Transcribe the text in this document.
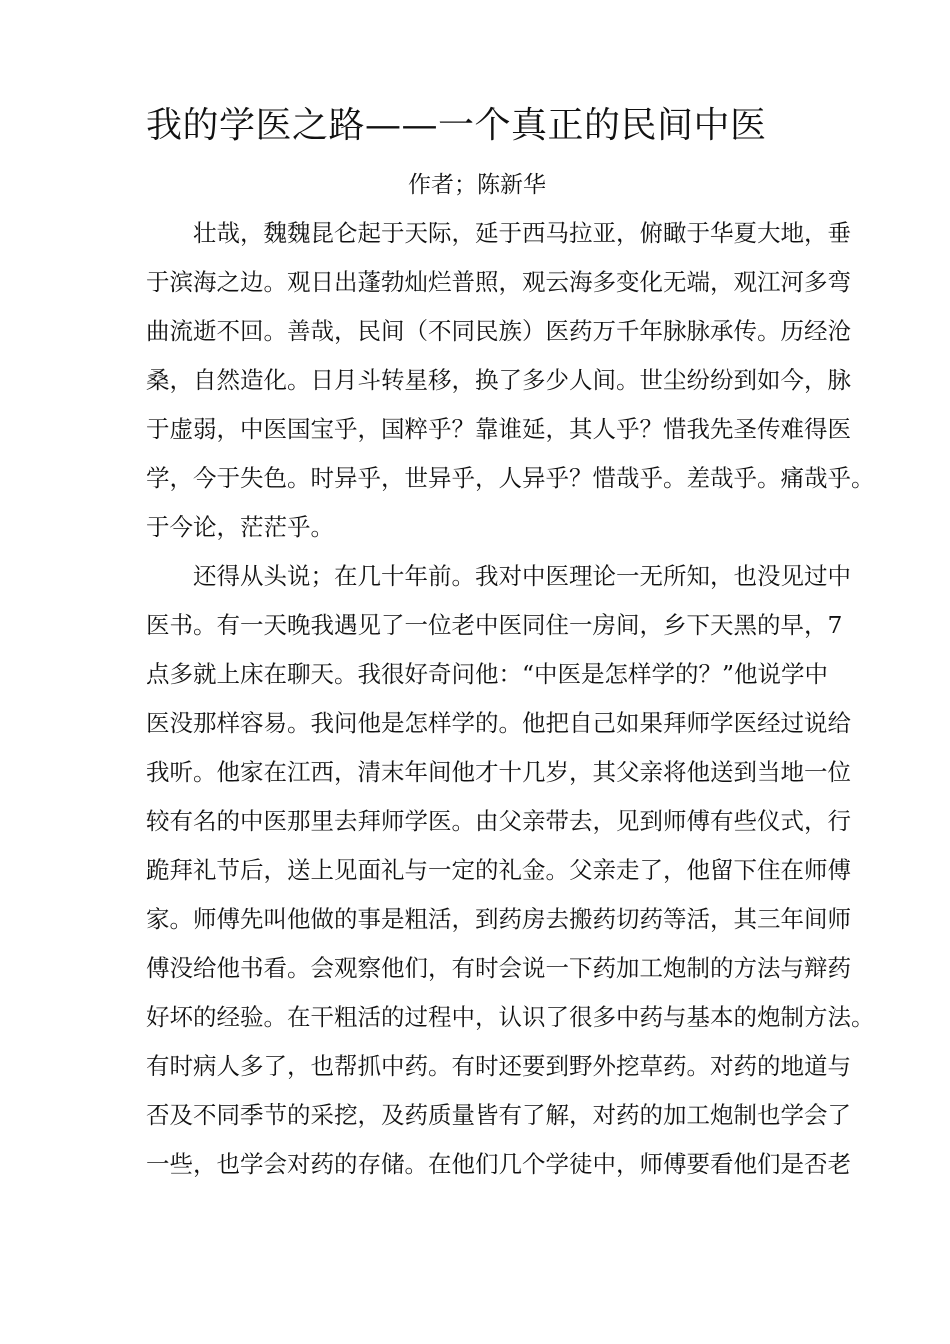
我的学医之路——一个真正的民间中医
作者；陈新华
壮哉，魏魏昆仑起于天际，延于西马拉亚，俯瞰于华夏大地，垂
于滨海之边。观日出蓬勃灿烂普照，观云海多变化无端，观江河多弯
曲流逝不回。善哉，民间（不同民族）医药万千年脉脉承传。历经沧
桑，自然造化。日月斗转星移，换了多少人间。世尘纷纷到如今，脉
于虚弱，中医国宝乎，国粹乎？靠谁延，其人乎？惜我先圣传难得医
学，今于失色。时异乎，世异乎，人异乎？惜哉乎。差哉乎。痛哉乎。
于今论，茫茫乎。
还得从头说；在几十年前。我对中医理论一无所知，也没见过中
医书。有一天晚我遇见了一位老中医同住一房间，乡下天黑的早，7
点多就上床在聊天。我很好奇问他：“中医是怎样学的？”他说学中
医没那样容易。我问他是怎样学的。他把自己如果拜师学医经过说给
我听。他家在江西，清末年间他才十几岁，其父亲将他送到当地一位
较有名的中医那里去拜师学医。由父亲带去，见到师傅有些仪式，行
跪拜礼节后，送上见面礼与一定的礼金。父亲走了，他留下住在师傅
家。师傅先叫他做的事是粗活，到药房去搬药切药等活，其三年间师
傅没给他书看。会观察他们，有时会说一下药加工炮制的方法与辩药
好坏的经验。在干粗活的过程中，认识了很多中药与基本的炮制方法。
有时病人多了，也帮抓中药。有时还要到野外挖草药。对药的地道与
否及不同季节的采挖，及药质量皆有了解，对药的加工炮制也学会了
一些，也学会对药的存储。在他们几个学徒中，师傅要看他们是否老
